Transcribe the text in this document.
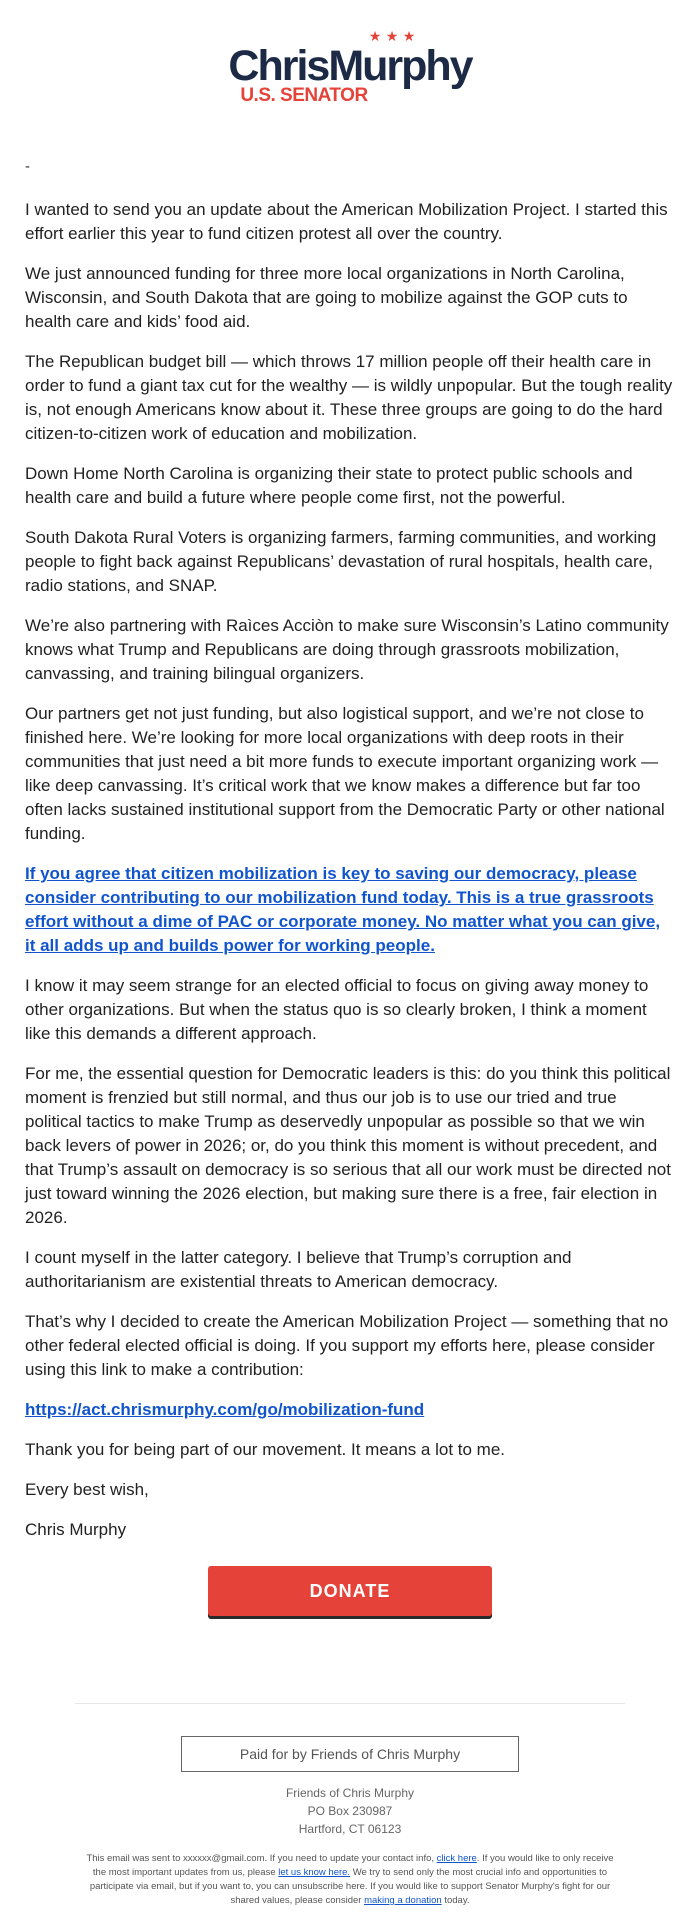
★ ★ ★
ChrisMurphy
U.S. SENATOR
-

I wanted to send you an update about the American Mobilization Project. I started this effort earlier this year to fund citizen protest all over the country.

We just announced funding for three more local organizations in North Carolina, Wisconsin, and South Dakota that are going to mobilize against the GOP cuts to health care and kids’ food aid.

The Republican budget bill — which throws 17 million people off their health care in order to fund a giant tax cut for the wealthy — is wildly unpopular. But the tough reality is, not enough Americans know about it. These three groups are going to do the hard citizen-to-citizen work of education and mobilization.

Down Home North Carolina is organizing their state to protect public schools and health care and build a future where people come first, not the powerful.

South Dakota Rural Voters is organizing farmers, farming communities, and working people to fight back against Republicans’ devastation of rural hospitals, health care, radio stations, and SNAP.

We’re also partnering with Raìces Acciòn to make sure Wisconsin’s Latino community knows what Trump and Republicans are doing through grassroots mobilization, canvassing, and training bilingual organizers.

Our partners get not just funding, but also logistical support, and we’re not close to finished here. We’re looking for more local organizations with deep roots in their communities that just need a bit more funds to execute important organizing work — like deep canvassing. It’s critical work that we know makes a difference but far too often lacks sustained institutional support from the Democratic Party or other national funding.

If you agree that citizen mobilization is key to saving our democracy, please consider contributing to our mobilization fund today. This is a true grassroots effort without a dime of PAC or corporate money. No matter what you can give, it all adds up and builds power for working people.

I know it may seem strange for an elected official to focus on giving away money to other organizations. But when the status quo is so clearly broken, I think a moment like this demands a different approach.

For me, the essential question for Democratic leaders is this: do you think this political moment is frenzied but still normal, and thus our job is to use our tried and true political tactics to make Trump as deservedly unpopular as possible so that we win back levers of power in 2026; or, do you think this moment is without precedent, and that Trump’s assault on democracy is so serious that all our work must be directed not just toward winning the 2026 election, but making sure there is a free, fair election in 2026.

I count myself in the latter category. I believe that Trump’s corruption and authoritarianism are existential threats to American democracy.

That’s why I decided to create the American Mobilization Project — something that no other federal elected official is doing. If you support my efforts here, please consider using this link to make a contribution:

https://act.chrismurphy.com/go/mobilization-fund

Thank you for being part of our movement. It means a lot to me.

Every best wish,

Chris Murphy

DONATE
Paid for by Friends of Chris Murphy
Friends of Chris Murphy
PO Box 230987
Hartford, CT 06123
This email was sent to xxxxxx@gmail.com. If you need to update your contact info, click here. If you would like to only receive the most important updates from us, please let us know here. We try to send only the most crucial info and opportunities to participate via email, but if you want to, you can unsubscribe here. If you would like to support Senator Murphy's fight for our shared values, please consider making a donation today.
